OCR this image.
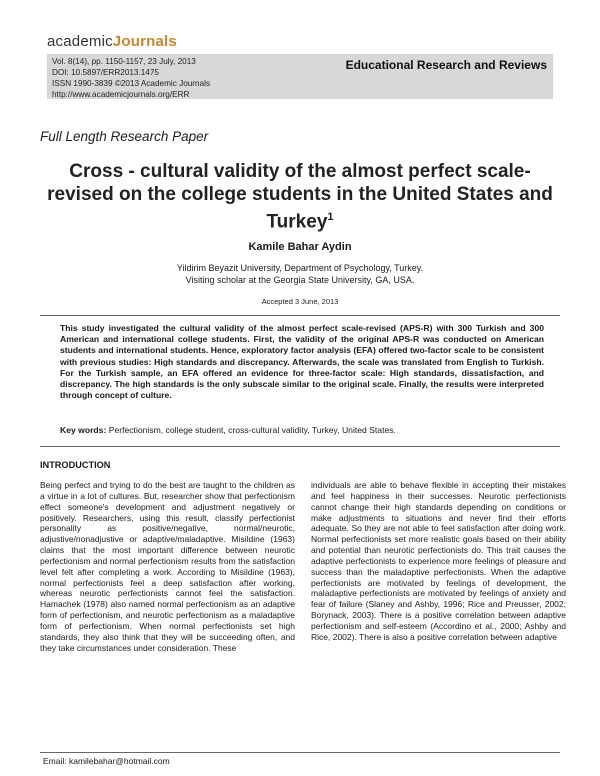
academicJournals
Vol. 8(14), pp. 1150-1157, 23 July, 2013
DOI: 10.5897/ERR2013.1475
ISSN 1990-3839 ©2013 Academic Journals
http://www.academicjournals.org/ERR
Educational Research and Reviews
Full Length Research Paper
Cross - cultural validity of the almost perfect scale-revised on the college students in the United States and Turkey$^1$
Kamile Bahar Aydin
Yildirim Beyazit University, Department of Psychology, Turkey.
Visiting scholar at the Georgia State University, GA, USA.
Accepted 3 June, 2013
This study investigated the cultural validity of the almost perfect scale-revised (APS-R) with 300 Turkish and 300 American and international college students. First, the validity of the original APS-R was conducted on American students and international students. Hence, exploratory factor analysis (EFA) offered two-factor scale to be consistent with previous studies: High standards and discrepancy. Afterwards, the scale was translated from English to Turkish. For the Turkish sample, an EFA offered an evidence for three-factor scale: High standards, dissatisfaction, and discrepancy. The high standards is the only subscale similar to the original scale. Finally, the results were interpreted through concept of culture.
Key words: Perfectionism, college student, cross-cultural validity, Turkey, United States.
INTRODUCTION
Being perfect and trying to do the best are taught to the children as a virtue in a lot of cultures. But, researcher show that perfectionism effect someone's development and adjustment negatively or positively. Researchers, using this result, classify perfectionist personality as positive/negative, normal/neurotic, adjustive/nonadjustive or adaptive/maladaptive. Misildine (1963) claims that the most important difference between neurotic perfectionism and normal perfectionism results from the satisfaction level felt after completing a work. According to Misildine (1963), normal perfectionists feel a deep satisfaction after working, whereas neurotic perfectionists cannot feel the satisfaction. Hamachek (1978) also named normal perfectionism as an adaptive form of perfectionism, and neurotic perfectionism as a maladaptive form of perfectionism. When normal perfectionists set high standards, they also think that they will be succeeding often, and they take circumstances under consideration. These
individuals are able to behave flexible in accepting their mistakes and feel happiness in their successes. Neurotic perfectionists cannot change their high standards depending on conditions or make adjustments to situations and never find their efforts adequate. So they are not able to feel satisfaction after doing work. Normal perfectionists set more realistic goals based on their ability and potential than neurotic perfectionists do. This trait causes the adaptive perfectionists to experience more feelings of pleasure and success than the maladaptive perfectionists. When the adaptive perfectionists are motivated by feelings of development, the maladaptive perfectionists are motivated by feelings of anxiety and fear of failure (Slaney and Ashby, 1996; Rice and Preusser, 2002; Borynack, 2003). There is a positive correlation between adaptive perfectionism and self-esteem (Accordino et al., 2000; Ashby and Rice, 2002). There is also a positive correlation between adaptive
Email: kamilebahar@hotmail.com
